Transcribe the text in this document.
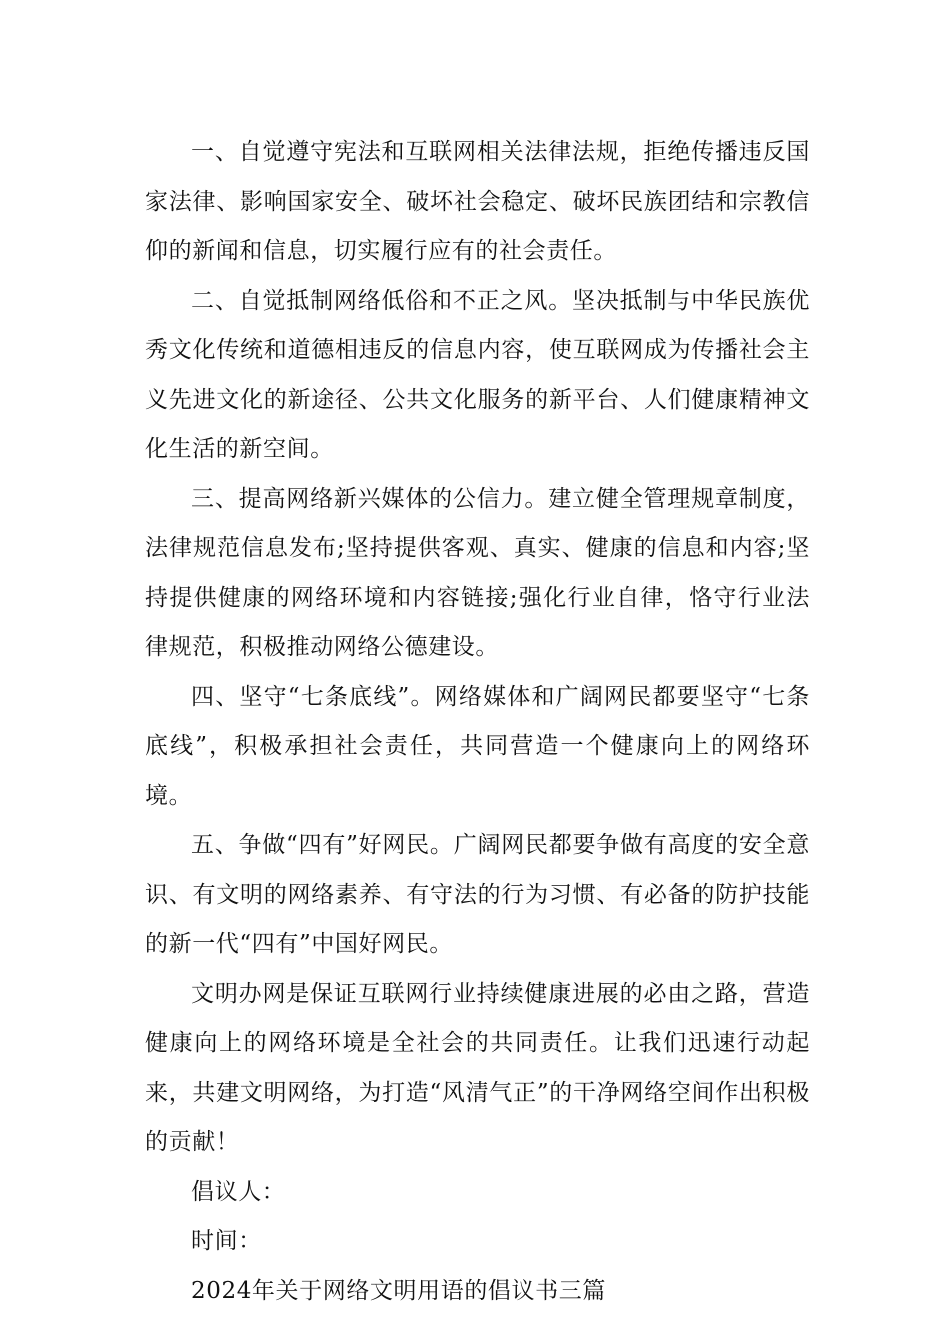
一、自觉遵守宪法和互联网相关法律法规，拒绝传播违反国家法律、影响国家安全、破坏社会稳定、破坏民族团结和宗教信仰的新闻和信息，切实履行应有的社会责任。

二、自觉抵制网络低俗和不正之风。坚决抵制与中华民族优秀文化传统和道德相违反的信息内容，使互联网成为传播社会主义先进文化的新途径、公共文化服务的新平台、人们健康精神文化生活的新空间。

三、提高网络新兴媒体的公信力。建立健全管理规章制度，法律规范信息发布;坚持提供客观、真实、健康的信息和内容;坚持提供健康的网络环境和内容链接;强化行业自律，恪守行业法律规范，积极推动网络公德建设。

四、坚守“七条底线”。网络媒体和广阔网民都要坚守“七条底线”，积极承担社会责任，共同营造一个健康向上的网络环境。

五、争做“四有”好网民。广阔网民都要争做有高度的安全意识、有文明的网络素养、有守法的行为习惯、有必备的防护技能的新一代“四有”中国好网民。

文明办网是保证互联网行业持续健康进展的必由之路，营造健康向上的网络环境是全社会的共同责任。让我们迅速行动起来，共建文明网络，为打造“风清气正”的干净网络空间作出积极的贡献！

倡议人：

时间：

2024年关于网络文明用语的倡议书三篇
